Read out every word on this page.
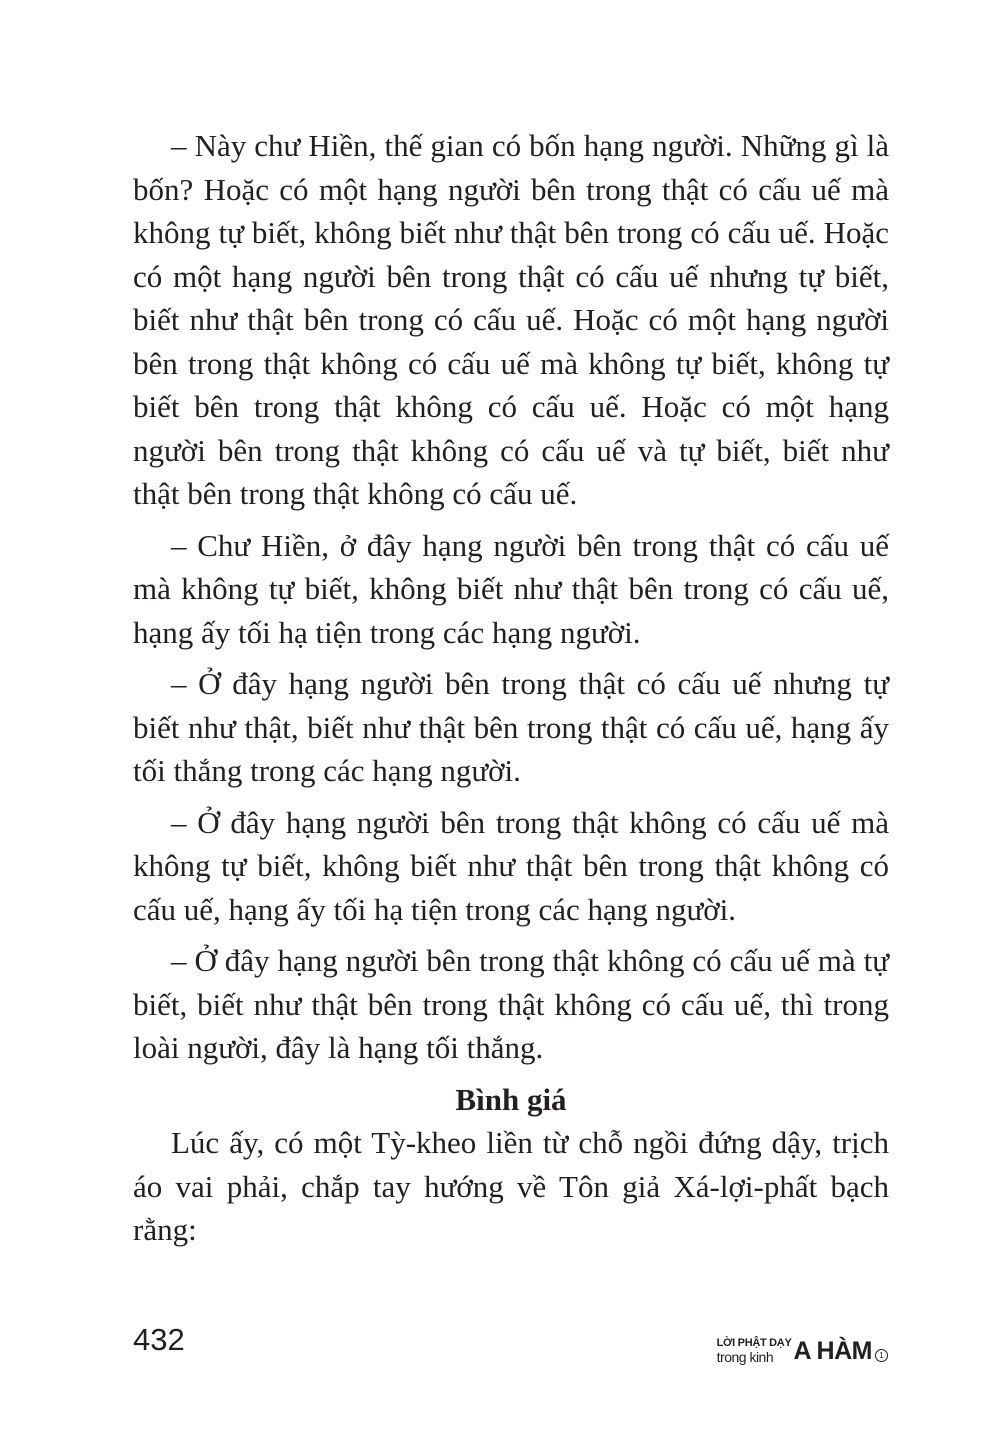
– Này chư Hiền, thế gian có bốn hạng người. Những gì là bốn? Hoặc có một hạng người bên trong thật có cấu uế mà không tự biết, không biết như thật bên trong có cấu uế. Hoặc có một hạng người bên trong thật có cấu uế nhưng tự biết, biết như thật bên trong có cấu uế. Hoặc có một hạng người bên trong thật không có cấu uế mà không tự biết, không tự biết bên trong thật không có cấu uế. Hoặc có một hạng người bên trong thật không có cấu uế và tự biết, biết như thật bên trong thật không có cấu uế.

– Chư Hiền, ở đây hạng người bên trong thật có cấu uế mà không tự biết, không biết như thật bên trong có cấu uế, hạng ấy tối hạ tiện trong các hạng người.

– Ở đây hạng người bên trong thật có cấu uế nhưng tự biết như thật, biết như thật bên trong thật có cấu uế, hạng ấy tối thắng trong các hạng người.

– Ở đây hạng người bên trong thật không có cấu uế mà không tự biết, không biết như thật bên trong thật không có cấu uế, hạng ấy tối hạ tiện trong các hạng người.

– Ở đây hạng người bên trong thật không có cấu uế mà tự biết, biết như thật bên trong thật không có cấu uế, thì trong loài người, đây là hạng tối thắng.

Bình giá

Lúc ấy, có một Tỳ-kheo liền từ chỗ ngồi đứng dậy, trịch áo vai phải, chắp tay hướng về Tôn giả Xá-lợi-phất bạch rằng:

432	LỜI PHẬT DẠY
trong kinh A HÀM 1
